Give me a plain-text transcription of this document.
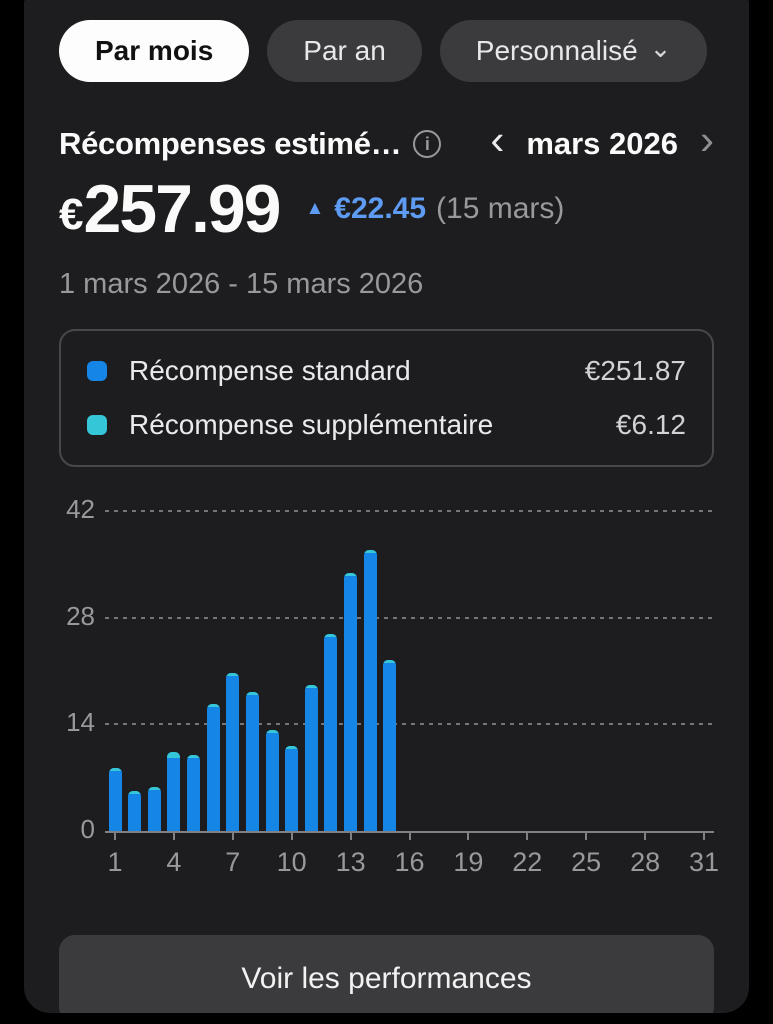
Par mois	Par an	Personnalisé ⌄
Récompenses estimé…	i ‹ mars 2026 ›
€ 257.99 ▲ €22.45 (15 mars)
1 mars 2026 - 15 mars 2026
Récompense standard	€251.87
Récompense supplémentaire	€6.12
0
14
28
42
1 4 7 10 13 16 19 22 25 28 31
Voir les performances
